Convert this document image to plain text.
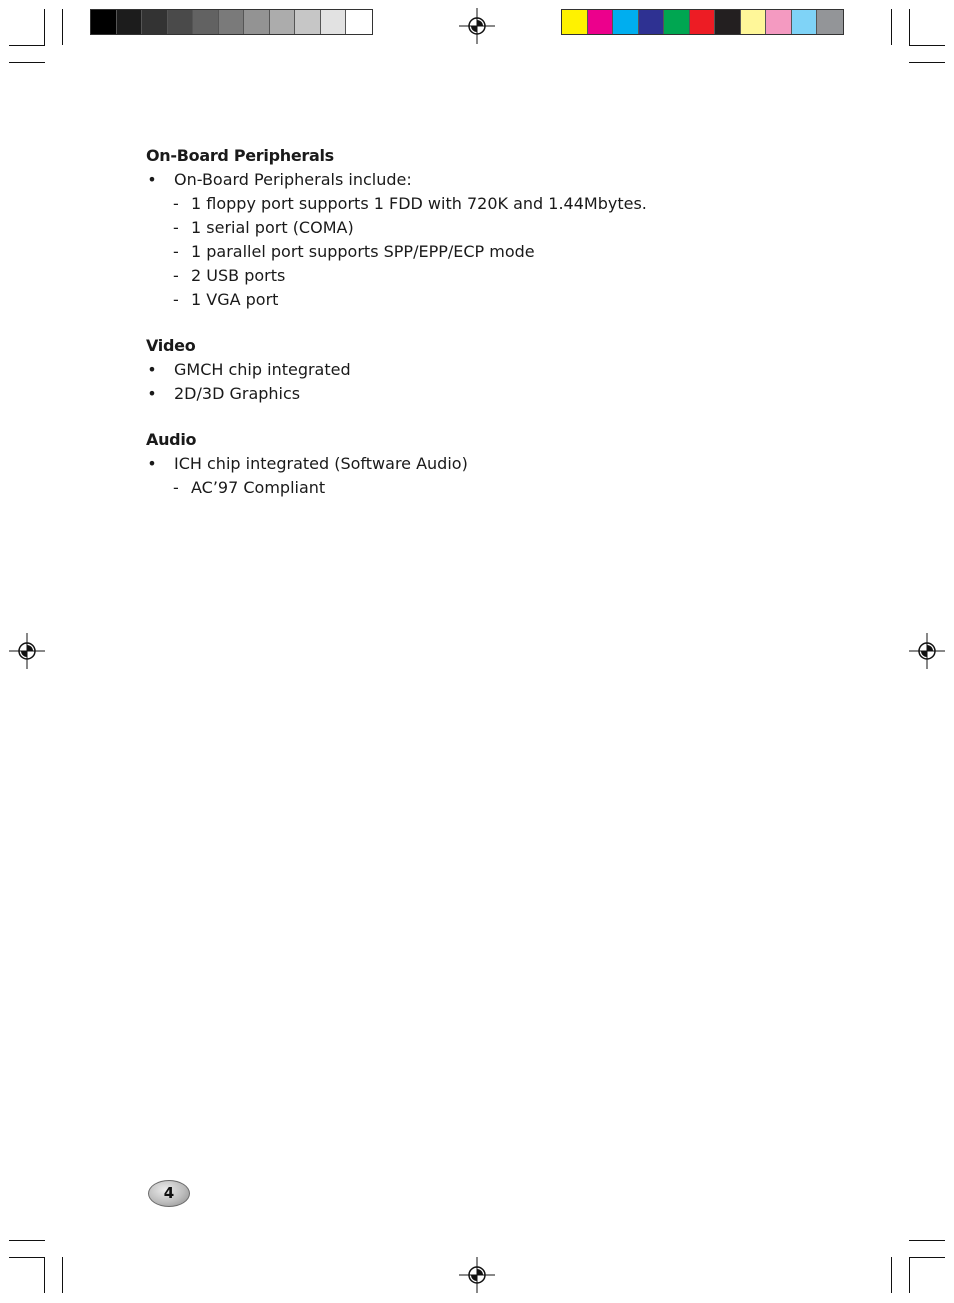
On-Board Peripherals
• On-Board Peripherals include:
- 1 floppy port supports 1 FDD with 720K and 1.44Mbytes.
- 1 serial port (COMA)
- 1 parallel port supports SPP/EPP/ECP mode
- 2 USB ports
- 1 VGA port
Video
• GMCH chip integrated
• 2D/3D Graphics
Audio
• ICH chip integrated (Software Audio)
- AC’97 Compliant
4
